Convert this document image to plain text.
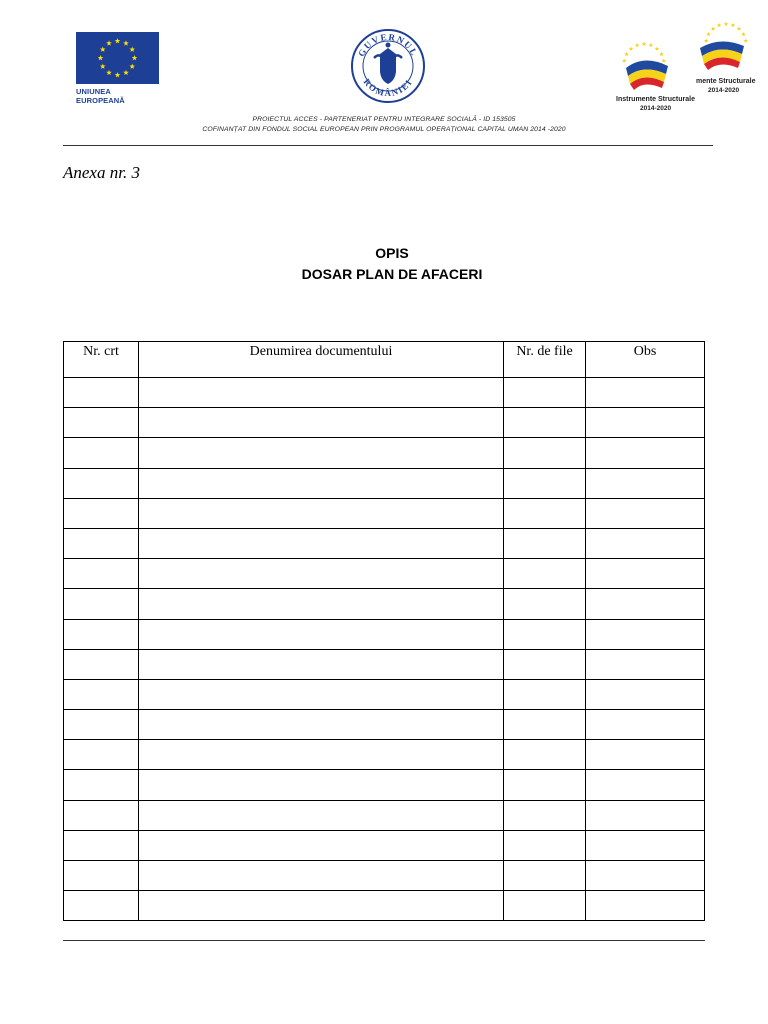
UNIUNEA EUROPEANĂ
GUVERNUL
ROMÂNIEI
Instrumente Structurale
2014-2020
mente Structurale
2014-2020
PROIECTUL ACCES - PARTENERIAT PENTRU INTEGRARE SOCIALĂ - ID 153505
COFINANȚAT DIN FONDUL SOCIAL EUROPEAN PRIN PROGRAMUL OPERAȚIONAL CAPITAL UMAN 2014 -2020
Anexa nr. 3
OPIS
DOSAR PLAN DE AFACERI
Nr. crt	Denumirea documentului	Nr. de file	Obs
